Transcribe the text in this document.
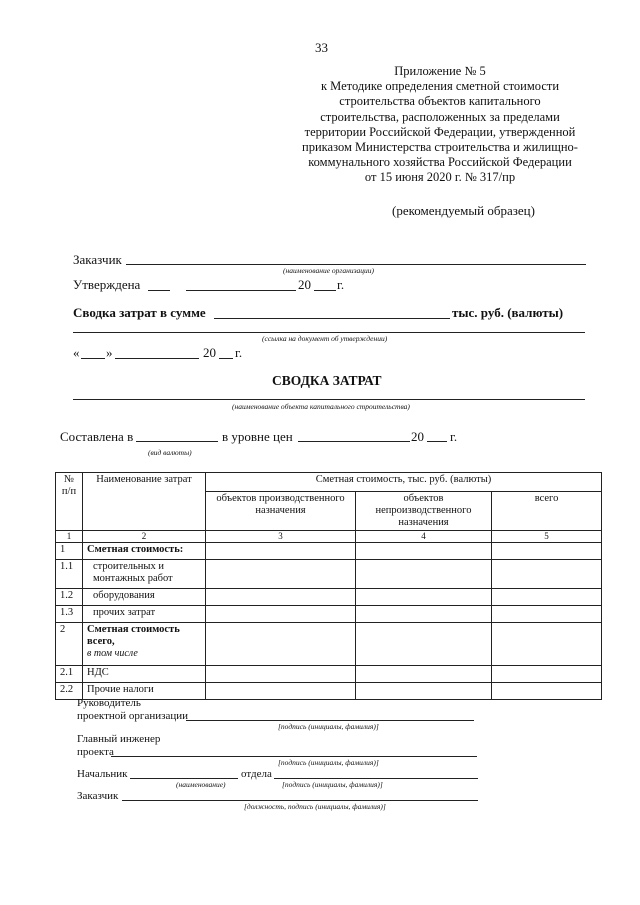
33
Приложение № 5
к Методике определения сметной стоимости
строительства объектов капитального
строительства, расположенных за пределами
территории Российской Федерации, утвержденной
приказом Министерства строительства и жилищно-
коммунального хозяйства Российской Федерации
от 15 июня 2020 г. № 317/пр
(рекомендуемый образец)
Заказчик
(наименование организации)
Утверждена	20 г.
Сводка затрат в сумме	тыс. руб. (валюты)
(ссылка на документ об утверждении)
« »	20 г.
СВОДКА ЗАТРАТ
(наименование объекта капитального строительства)
Составлена в	в уровне цен	20 г.
(вид валюты)
№ п/п	Наименование затрат	Сметная стоимость, тыс. руб. (валюты)		
		объектов производственного назначения	объектов непроизводственного назначения	всего
1	2	3	4	5
1	Сметная стоимость:			
1.1	строительных и монтажных работ			
1.2	оборудования			
1.3	прочих затрат			
2	Сметная стоимость всего,
в том числе			

2.1	НДС			
2.2	Прочие налоги			
Руководитель
проектной организации
[подпись (инициалы, фамилия)]
Главный инженер
проекта
[подпись (инициалы, фамилия)]
Начальник	отдела
(наименование)	[подпись (инициалы, фамилия)]
Заказчик
[должность, подпись (инициалы, фамилия)]
